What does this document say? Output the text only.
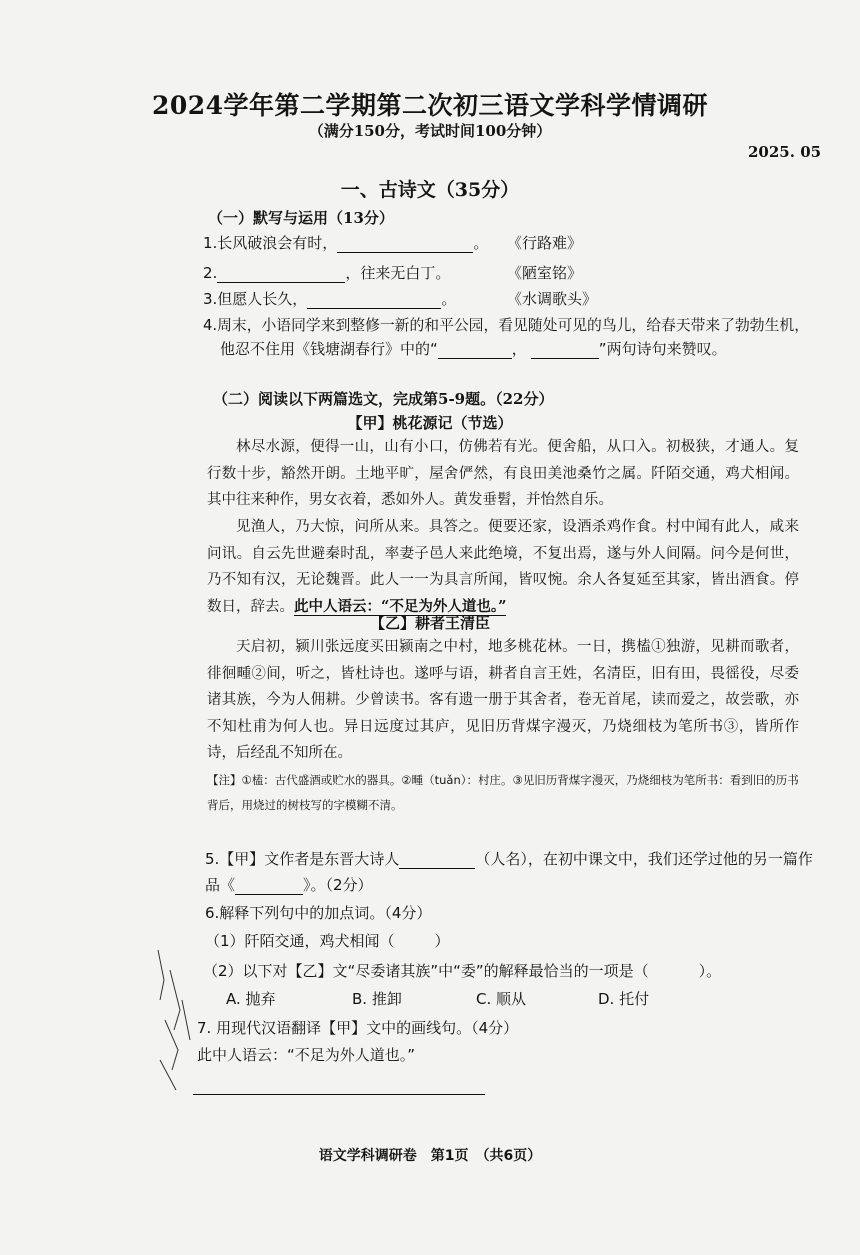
2024学年第二学期第二次初三语文学科学情调研
（满分150分，考试时间100分钟）
2025. 05
一、古诗文（35分）
（一）默写与运用（13分）
1.长风破浪会有时，	。 《行路难》
2.	，往来无白丁。	《陋室铭》
3.但愿人长久，	。	《水调歌头》
4.周末，小语同学来到整修一新的和平公园，看见随处可见的鸟儿，给春天带来了勃勃生机，
他忍不住用《钱塘湖春行》中的“	，	”两句诗句来赞叹。
（二）阅读以下两篇选文，完成第5-9题。（22分）
【甲】桃花源记（节选）
林尽水源，便得一山，山有小口，仿佛若有光。便舍船，从口入。初极狭，才通人。复行数十步，豁然开朗。土地平旷，屋舍俨然，有良田美池桑竹之属。阡陌交通，鸡犬相闻。其中往来种作，男女衣着，悉如外人。黄发垂髫，并怡然自乐。
见渔人，乃大惊，问所从来。具答之。便要还家，设酒杀鸡作食。村中闻有此人，咸来问讯。自云先世避秦时乱，率妻子邑人来此绝境，不复出焉，遂与外人间隔。问今是何世，乃不知有汉，无论魏晋。此人一一为具言所闻，皆叹惋。余人各复延至其家，皆出酒食。停数日，辞去。此中人语云：“不足为外人道也。”
【乙】耕者王清臣
天启初，颍川张远度买田颍南之中村，地多桃花林。一日，携榼①独游，见耕而歌者，徘徊畽②间，听之，皆杜诗也。遂呼与语，耕者自言王姓，名清臣，旧有田，畏徭役，尽委诸其族，今为人佣耕。少曾读书。客有遗一册于其舍者，卷无首尾，读而爱之，故尝歌，亦不知杜甫为何人也。异日远度过其庐，见旧历背煤字漫灭，乃烧细枝为笔所书③，皆所作诗，后经乱不知所在。
【注】①榼：古代盛酒或贮水的器具。②畽（tuǎn）：村庄。③见旧历背煤字漫灭，乃烧细枝为笔所书：看到旧的历书背后，用烧过的树枝写的字模糊不清。
5.【甲】文作者是东晋大诗人	（人名），在初中课文中，我们还学过他的另一篇作
品《	》。（2分）
6.解释下列句中的加点词。（4分）
（1）阡陌交通，鸡犬相闻（	）
（2）以下对【乙】文“尽委诸其族”中“委”的解释最恰当的一项是（	）。
A. 抛弃	B. 推卸	C. 顺从	D. 托付
7. 用现代汉语翻译【甲】文中的画线句。（4分）
此中人语云：“不足为外人道也。”
语文学科调研卷　第1页　（共6页）
